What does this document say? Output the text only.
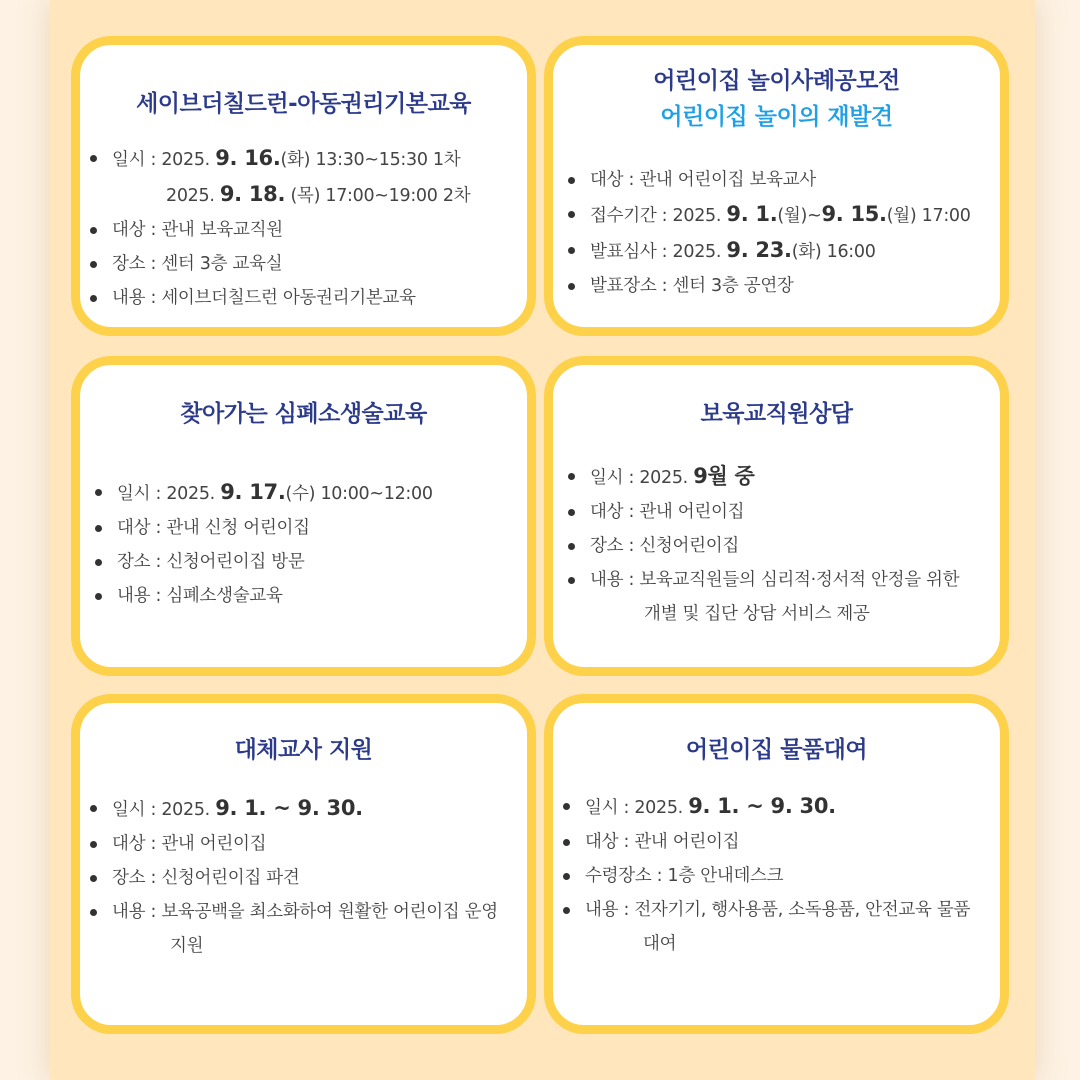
세이브더칠드런-아동권리기본교육
일시 : 2025. 9. 16.(화) 13:30~15:30 1차
2025. 9. 18. (목) 17:00~19:00 2차
대상 : 관내 보육교직원
장소 : 센터 3층 교육실
내용 : 세이브더칠드런 아동권리기본교육
어린이집 놀이사례공모전
어린이집 놀이의 재발견
대상 : 관내 어린이집 보육교사
접수기간 : 2025. 9. 1.(월)~9. 15.(월) 17:00
발표심사 : 2025. 9. 23.(화) 16:00
발표장소 : 센터 3층 공연장
찾아가는 심폐소생술교육
일시 : 2025. 9. 17.(수) 10:00~12:00
대상 : 관내 신청 어린이집
장소 : 신청어린이집 방문
내용 : 심폐소생술교육
보육교직원상담
일시 : 2025. 9월 중
대상 : 관내 어린이집
장소 : 신청어린이집
내용 : 보육교직원들의 심리적·정서적 안정을 위한
개별 및 집단 상담 서비스 제공
대체교사 지원
일시 : 2025. 9. 1. ~ 9. 30.
대상 : 관내 어린이집
장소 : 신청어린이집 파견
내용 : 보육공백을 최소화하여 원활한 어린이집 운영
지원
어린이집 물품대여
일시 : 2025. 9. 1. ~ 9. 30.
대상 : 관내 어린이집
수령장소 : 1층 안내데스크
내용 : 전자기기, 행사용품, 소독용품, 안전교육 물품
대여
